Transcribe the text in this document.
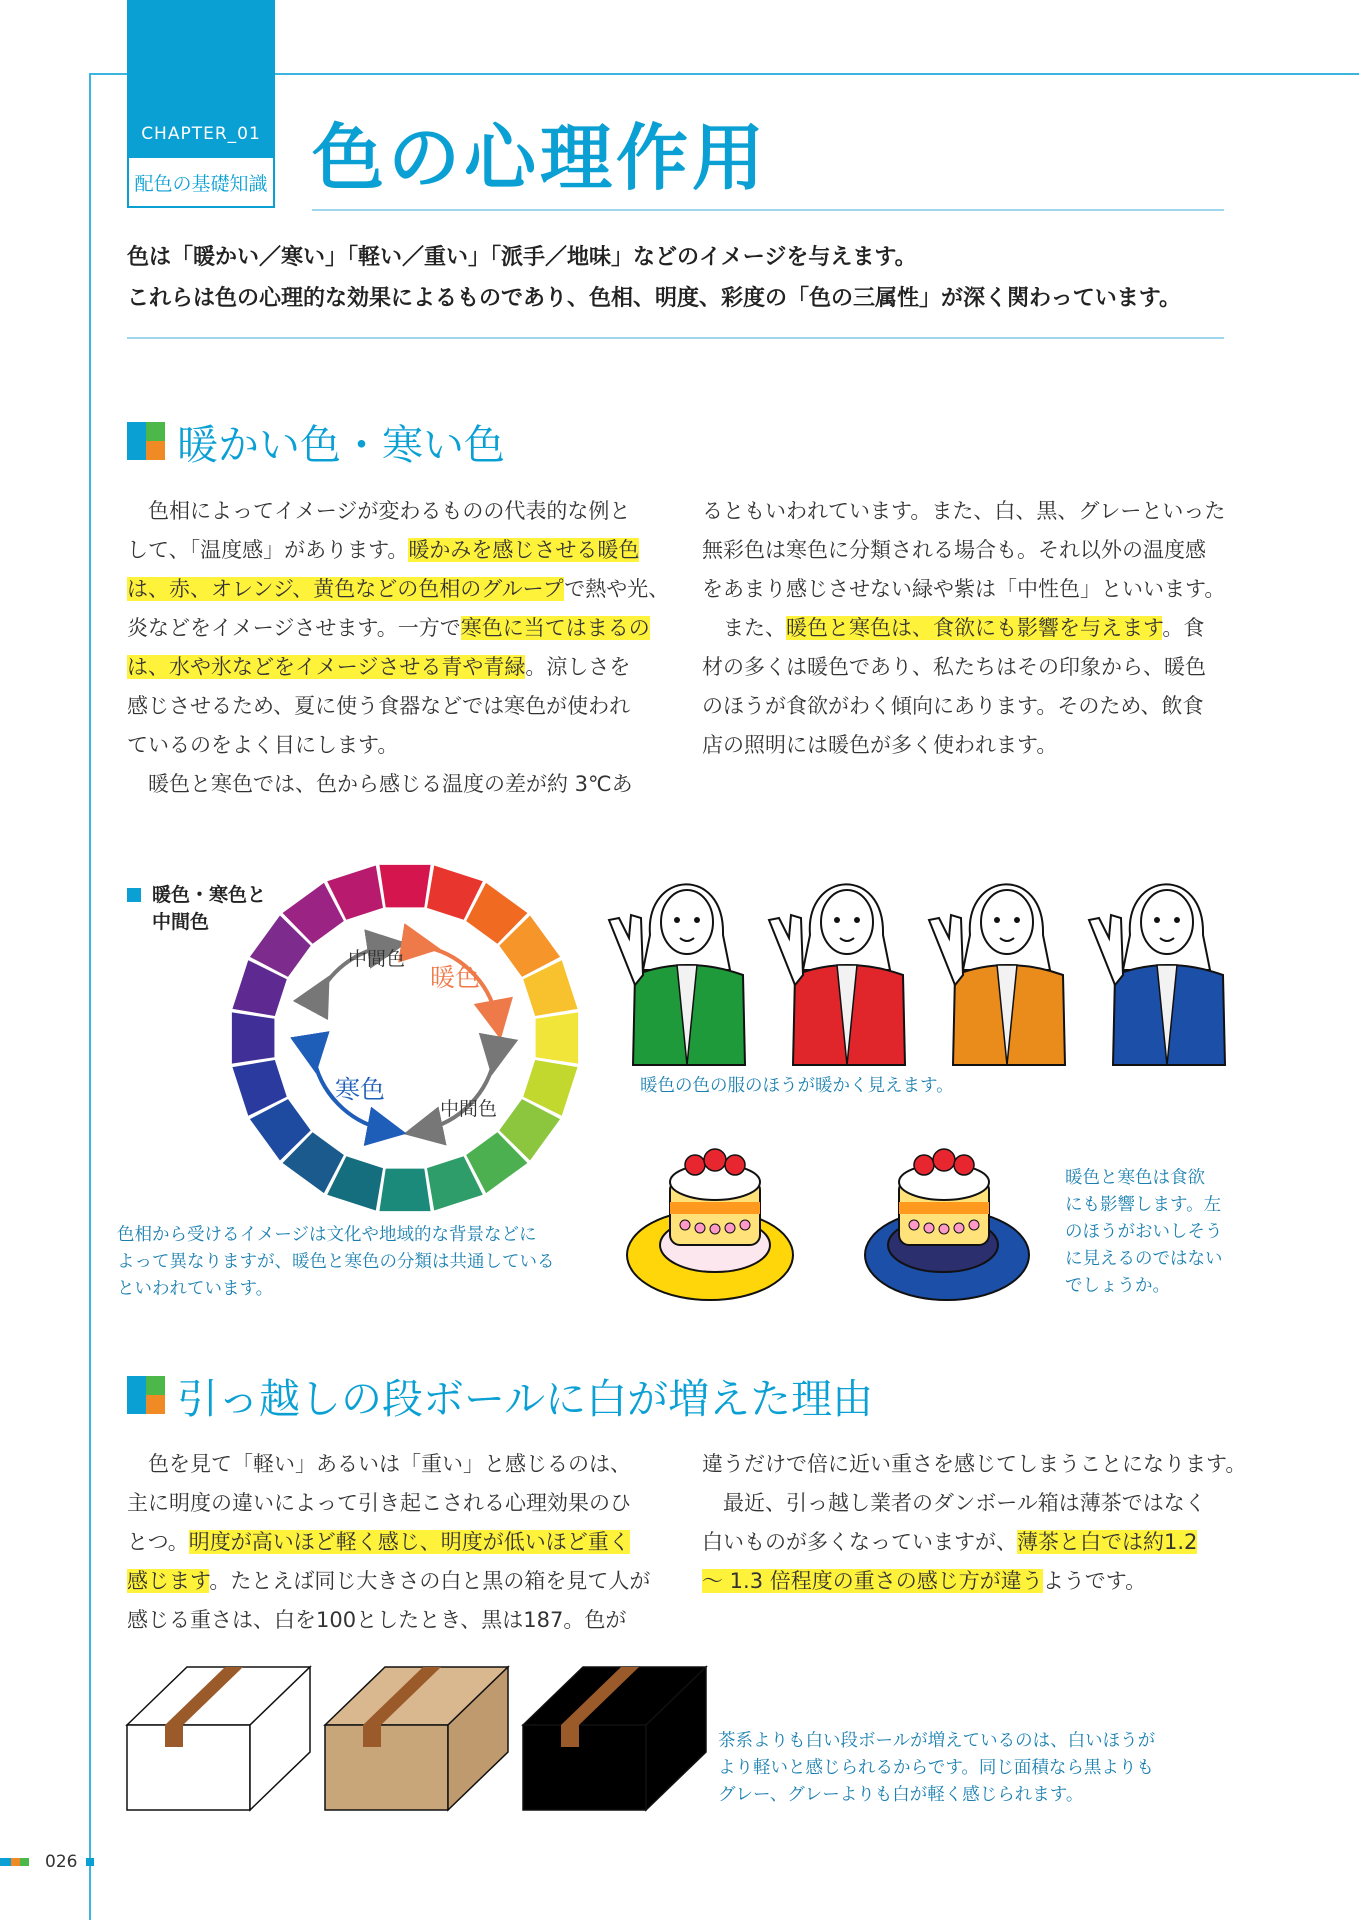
CHAPTER_01
配色の基礎知識 色の心理作用
色は「暖かい／寒い」「軽い／重い」「派手／地味」などのイメージを与えます。
これらは色の心理的な効果によるものであり、色相、明度、彩度の「色の三属性」が深く関わっています。
暖かい色・寒い色
　色相によってイメージが変わるものの代表的な例と
して、「温度感」があります。暖かみを感じさせる暖色
は、赤、オレンジ、黄色などの色相のグループで熱や光、
炎などをイメージさせます。一方で寒色に当てはまるの
は、水や氷などをイメージさせる青や青緑。涼しさを
感じさせるため、夏に使う食器などでは寒色が使われ
ているのをよく目にします。
　暖色と寒色では、色から感じる温度の差が約 3℃あ
るともいわれています。また、白、黒、グレーといった
無彩色は寒色に分類される場合も。それ以外の温度感
をあまり感じさせない緑や紫は「中性色」といいます。
　また、暖色と寒色は、食欲にも影響を与えます。食
材の多くは暖色であり、私たちはその印象から、暖色
のほうが食欲がわく傾向にあります。そのため、飲食
店の照明には暖色が多く使われます。
暖色・寒色と
中間色
中間色
暖色
寒色
中間色
色相から受けるイメージは文化や地域的な背景などに
よって異なりますが、暖色と寒色の分類は共通している
といわれています。
暖色の色の服のほうが暖かく見えます。
暖色と寒色は食欲
にも影響します。左
のほうがおいしそう
に見えるのではない
でしょうか。
引っ越しの段ボールに白が増えた理由
　色を見て「軽い」あるいは「重い」と感じるのは、
主に明度の違いによって引き起こされる心理効果のひ
とつ。明度が高いほど軽く感じ、明度が低いほど重く
感じます。たとえば同じ大きさの白と黒の箱を見て人が
感じる重さは、白を100としたとき、黒は187。色が
違うだけで倍に近い重さを感じてしまうことになります。
　最近、引っ越し業者のダンボール箱は薄茶ではなく
白いものが多くなっていますが、薄茶と白では約1.2
～ 1.3 倍程度の重さの感じ方が違うようです。
茶系よりも白い段ボールが増えているのは、白いほうが
より軽いと感じられるからです。同じ面積なら黒よりも
グレー、グレーよりも白が軽く感じられます。
026
